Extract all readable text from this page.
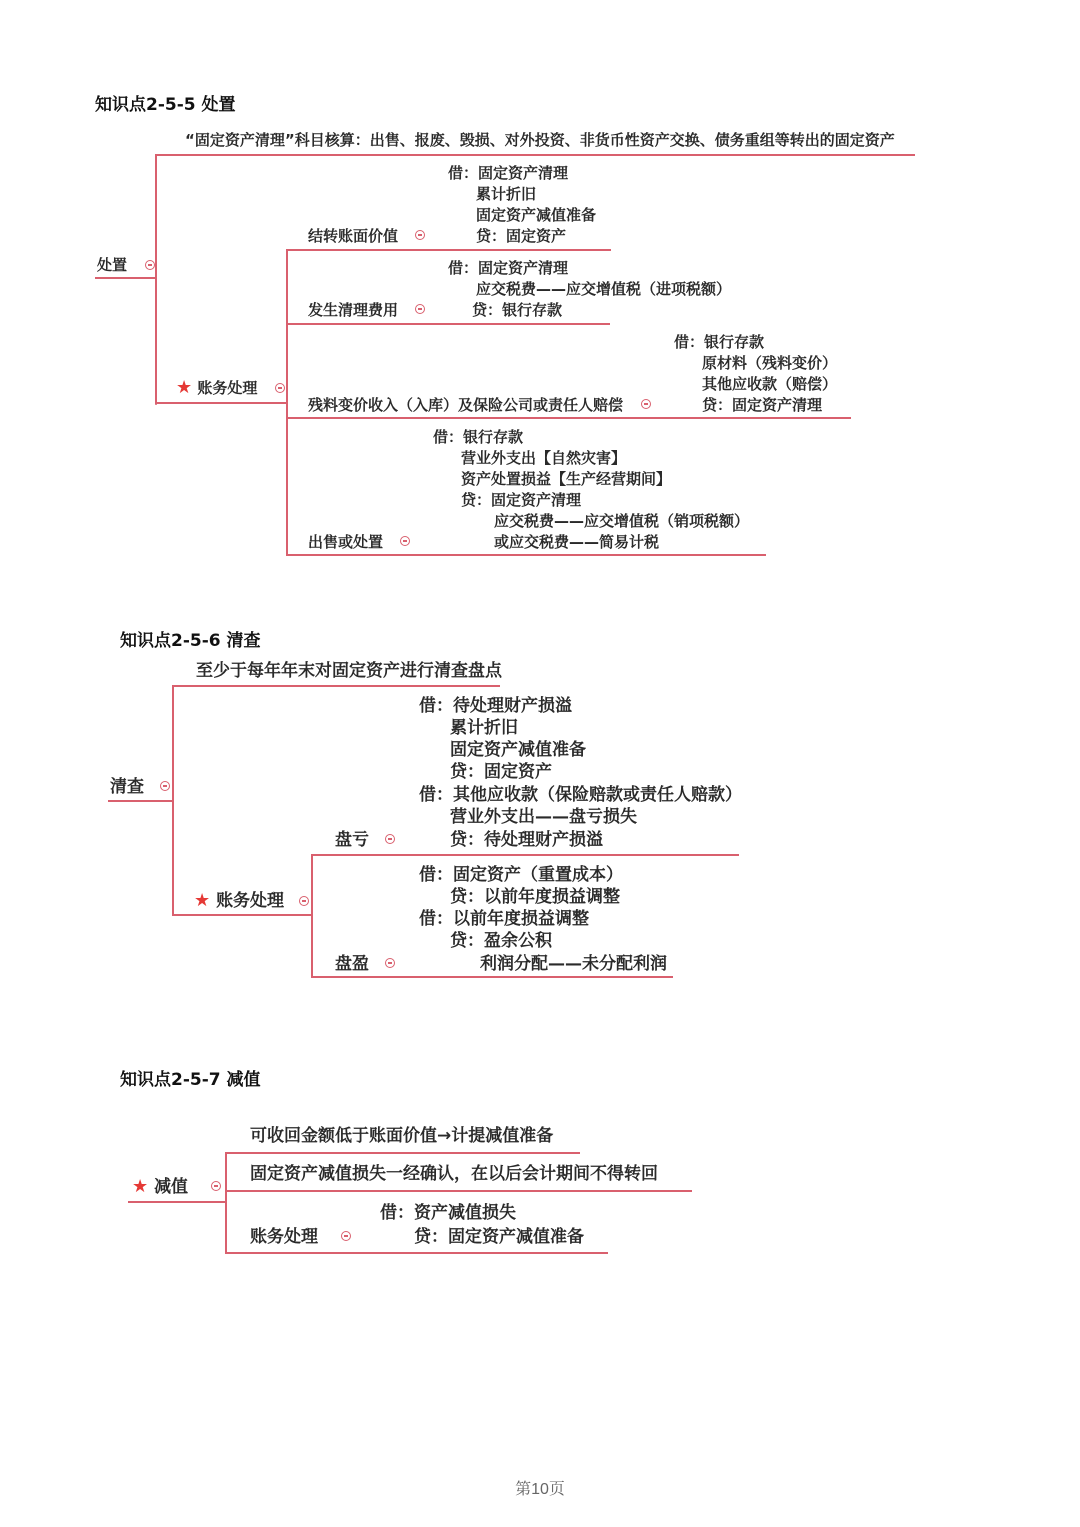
知识点2-5-5 处置
处置
“固定资产清理”科目核算：出售、报废、毁损、对外投资、非货币性资产交换、债务重组等转出的固定资产
★ 账务处理
借：固定资产清理
累计折旧
固定资产减值准备
贷：固定资产
结转账面价值
借：固定资产清理
应交税费——应交增值税（进项税额）
贷：银行存款
发生清理费用
借：银行存款
原材料（残料变价）
其他应收款（赔偿）
贷：固定资产清理
残料变价收入（入库）及保险公司或责任人赔偿
借：银行存款
营业外支出【自然灾害】
资产处置损益【生产经营期间】
贷：固定资产清理
应交税费——应交增值税（销项税额）
或应交税费——简易计税
出售或处置
知识点2-5-6 清查
清查
至少于每年年末对固定资产进行清查盘点
★ 账务处理
借：待处理财产损溢
累计折旧
固定资产减值准备
贷：固定资产
借：其他应收款（保险赔款或责任人赔款）
营业外支出——盘亏损失
贷：待处理财产损溢
盘亏
借：固定资产（重置成本）
贷：以前年度损益调整
借：以前年度损益调整
贷：盈余公积
利润分配——未分配利润
盘盈
知识点2-5-7 减值
★ 减值
可收回金额低于账面价值→计提减值准备
固定资产减值损失一经确认，在以后会计期间不得转回
借：资产减值损失
贷：固定资产减值准备
账务处理
第10页
